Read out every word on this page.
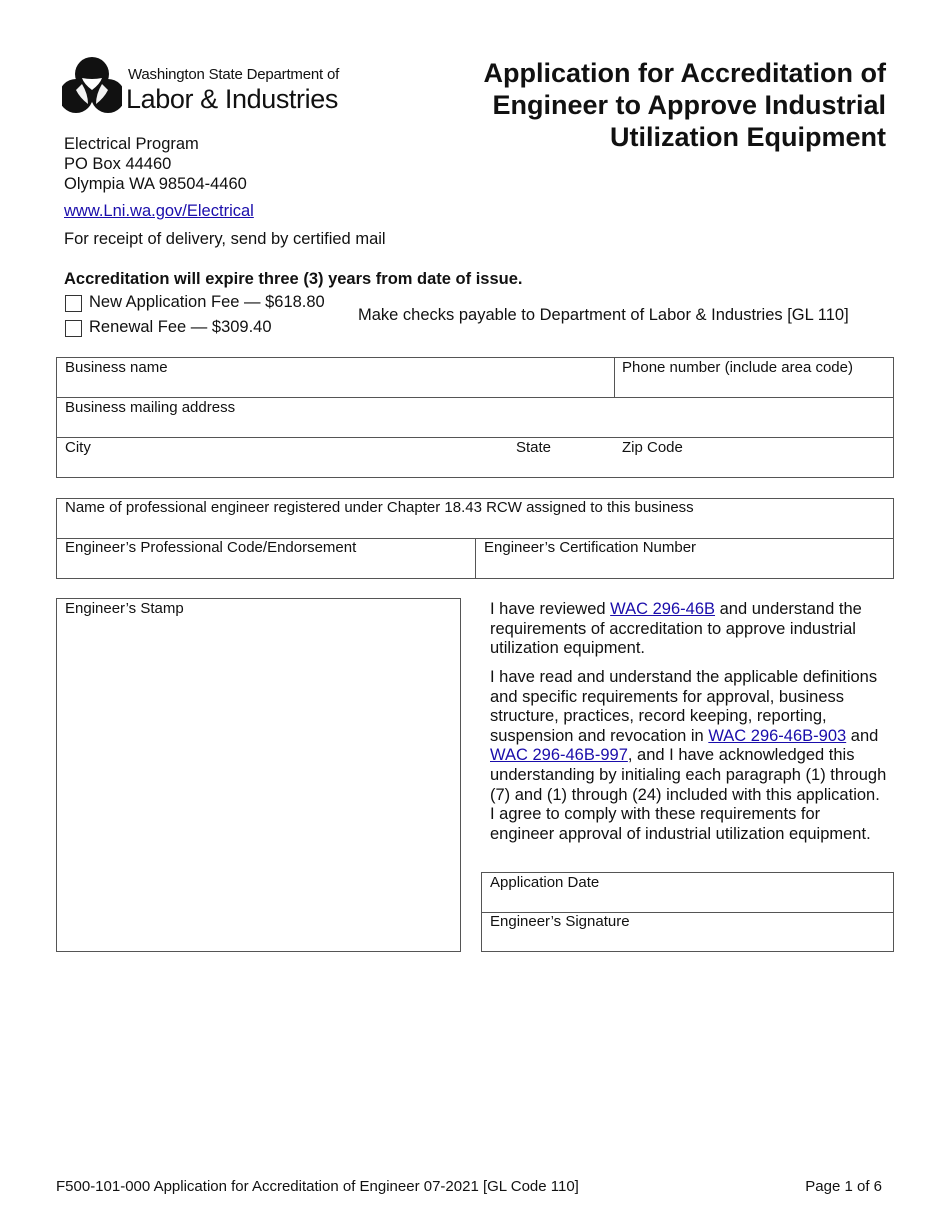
Washington State Department of
Labor & Industries
Application for Accreditation of
Engineer to Approve Industrial
Utilization Equipment
Electrical Program
PO Box 44460
Olympia WA 98504-4460
www.Lni.wa.gov/Electrical
For receipt of delivery, send by certified mail
Accreditation will expire three (3) years from date of issue.
New Application Fee — $618.80
Renewal Fee — $309.40
Make checks payable to Department of Labor & Industries [GL 110]
Business name	Phone number (include area code)
Business mailing address
City	State	Zip Code
Name of professional engineer registered under Chapter 18.43 RCW assigned to this business
Engineer’s Professional Code/Endorsement	Engineer’s Certification Number
Engineer’s Stamp	I have reviewed WAC 296-46B and understand the requirements of accreditation to approve industrial utilization equipment.
I have read and understand the applicable definitions and specific requirements for approval, business structure, practices, record keeping, reporting, suspension and revocation in WAC 296-46B-903 and WAC 296-46B-997, and I have acknowledged this understanding by initialing each paragraph (1) through (7) and (1) through (24) included with this application. I agree to comply with these requirements for engineer approval of industrial utilization equipment.
Application Date
Engineer’s Signature
F500-101-000 Application for Accreditation of Engineer 07-2021 [GL Code 110]	Page 1 of 6
